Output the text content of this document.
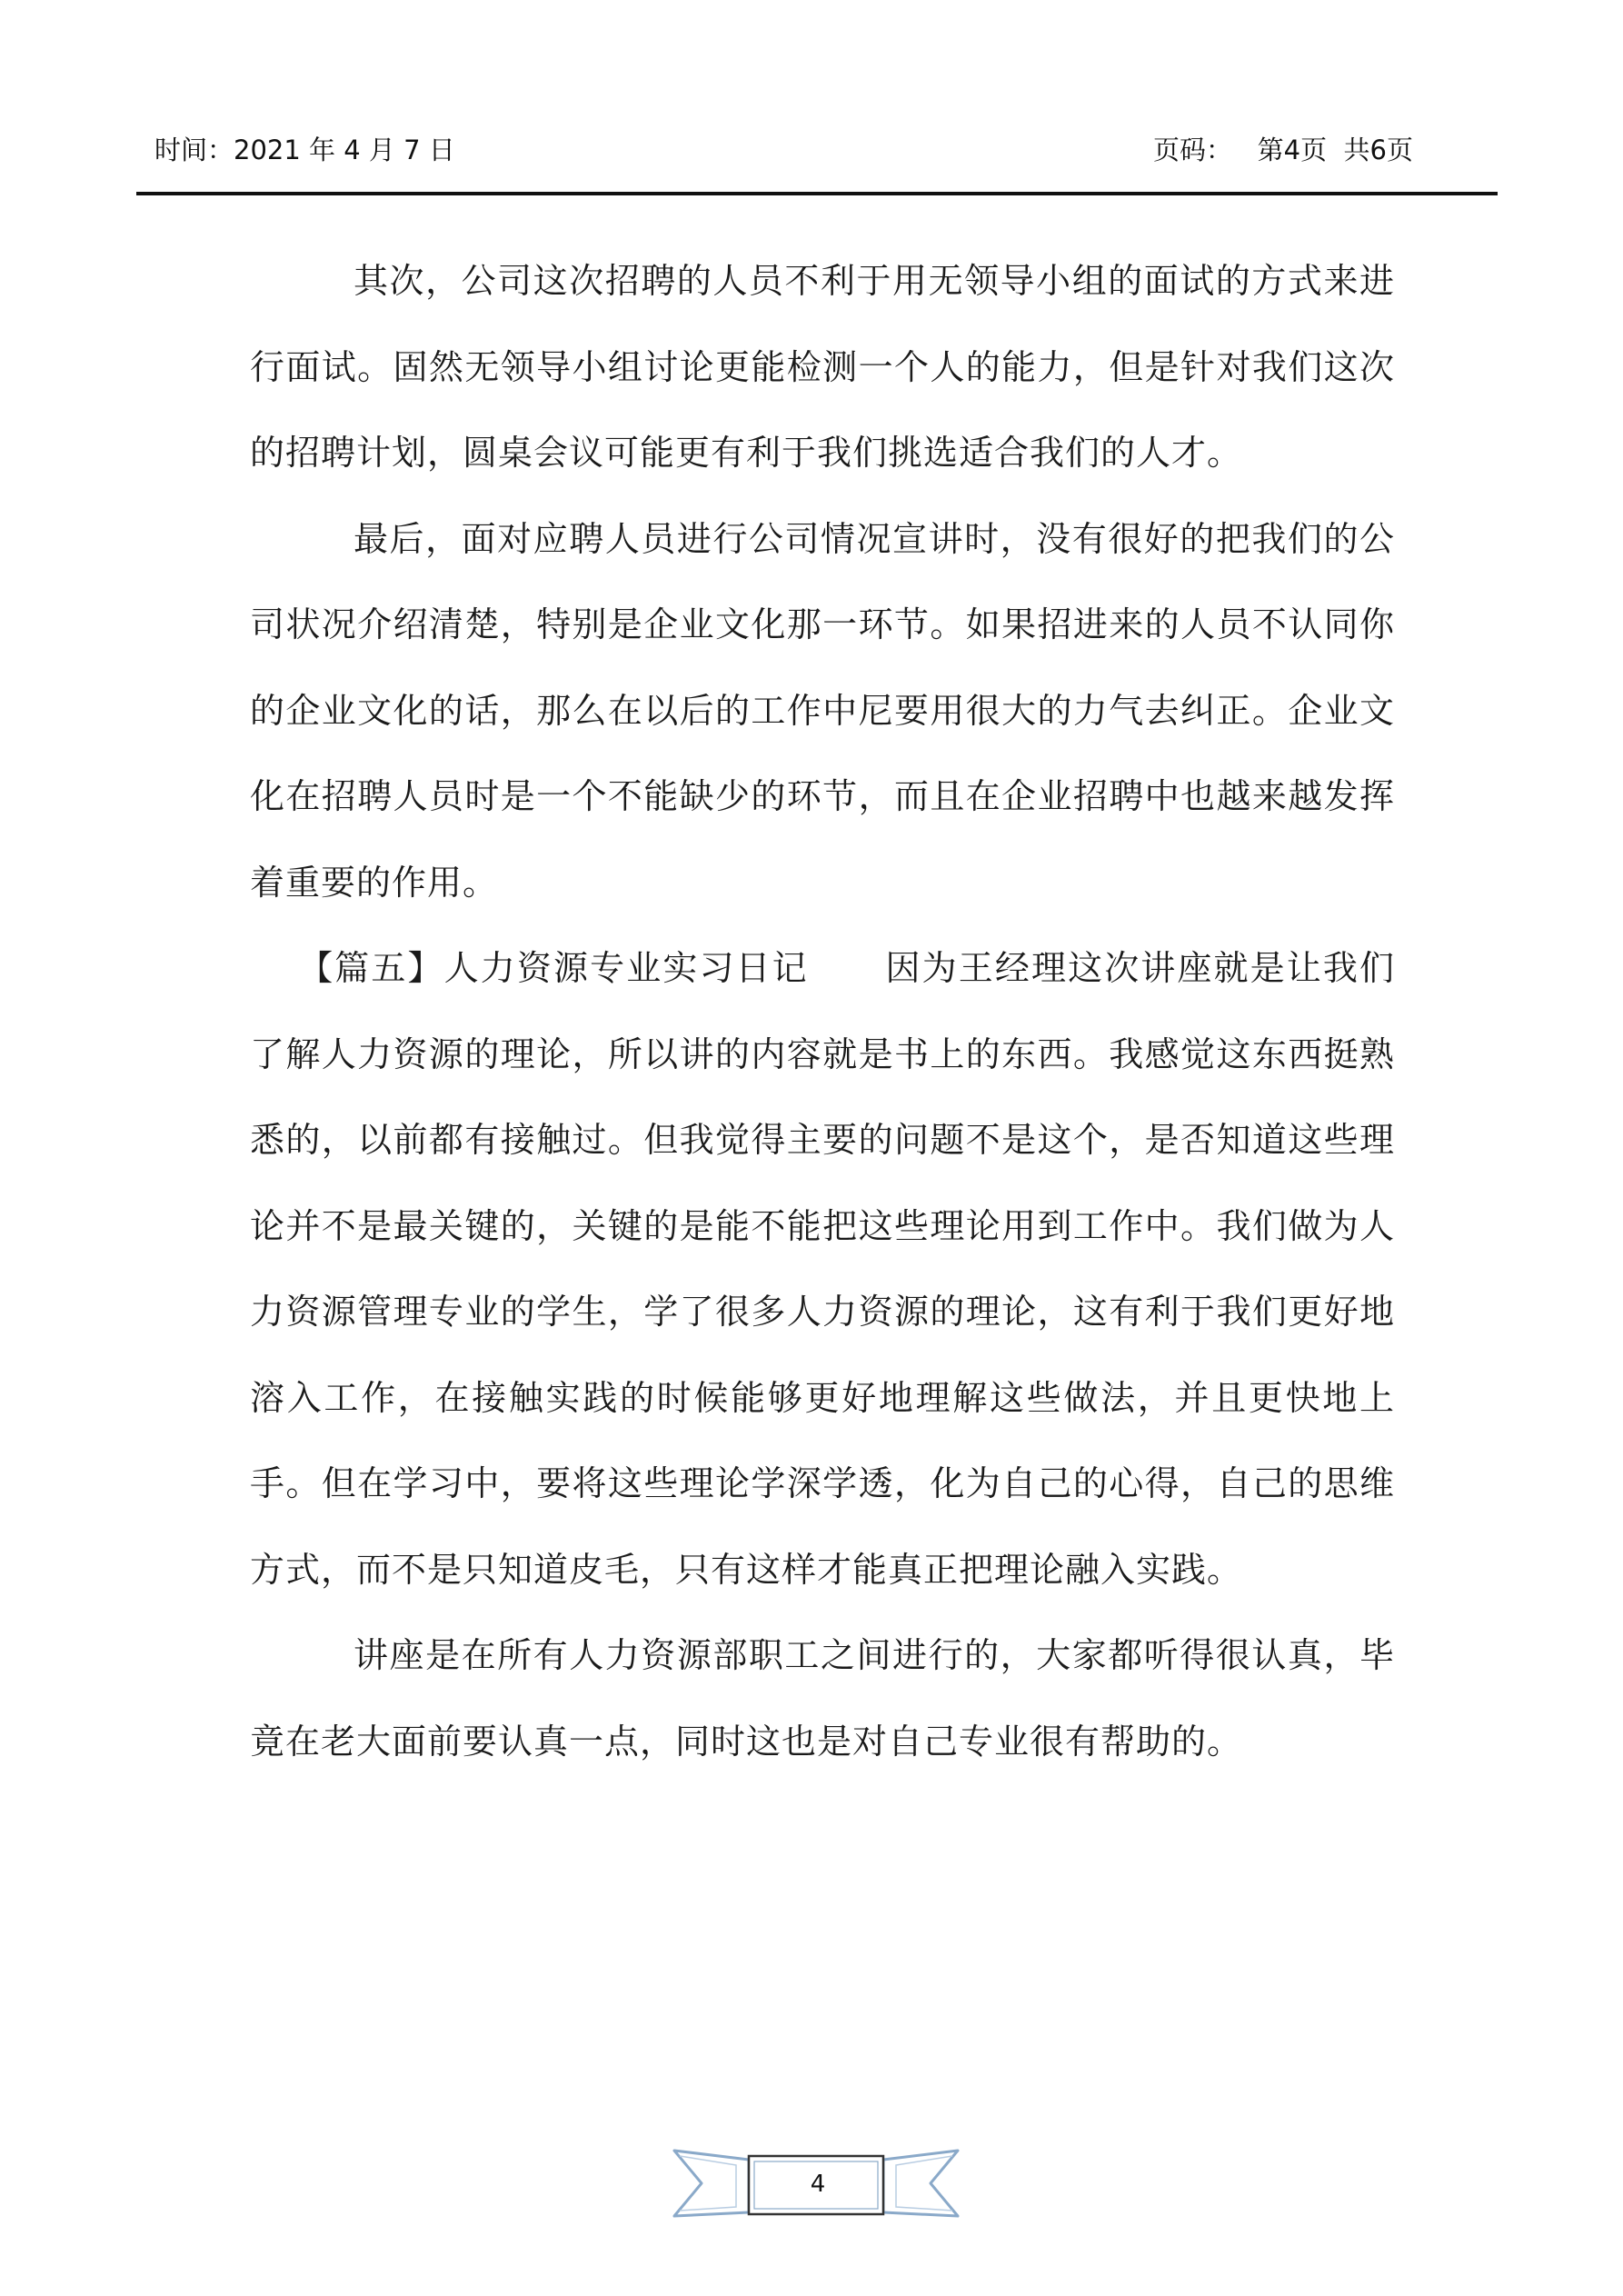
时间：2021 年 4 月 7 日	页码：   第4页  共6页

其次，公司这次招聘的人员不利于用无领导小组的面试的方式来进行面试。固然无领导小组讨论更能检测一个人的能力，但是针对我们这次的招聘计划，圆桌会议可能更有利于我们挑选适合我们的人才。

最后，面对应聘人员进行公司情况宣讲时，没有很好的把我们的公司状况介绍清楚，特别是企业文化那一环节。如果招进来的人员不认同你的企业文化的话，那么在以后的工作中尼要用很大的力气去纠正。企业文化在招聘人员时是一个不能缺少的环节，而且在企业招聘中也越来越发挥着重要的作用。

【篇五】人力资源专业实习日记 因为王经理这次讲座就是让我们了解人力资源的理论，所以讲的内容就是书上的东西。我感觉这东西挺熟悉的，以前都有接触过。但我觉得主要的问题不是这个，是否知道这些理论并不是最关键的，关键的是能不能把这些理论用到工作中。我们做为人力资源管理专业的学生，学了很多人力资源的理论，这有利于我们更好地溶入工作，在接触实践的时候能够更好地理解这些做法，并且更快地上手。但在学习中，要将这些理论学深学透，化为自己的心得，自己的思维方式，而不是只知道皮毛，只有这样才能真正把理论融入实践。

讲座是在所有人力资源部职工之间进行的，大家都听得很认真，毕竟在老大面前要认真一点，同时这也是对自己专业很有帮助的。

4
